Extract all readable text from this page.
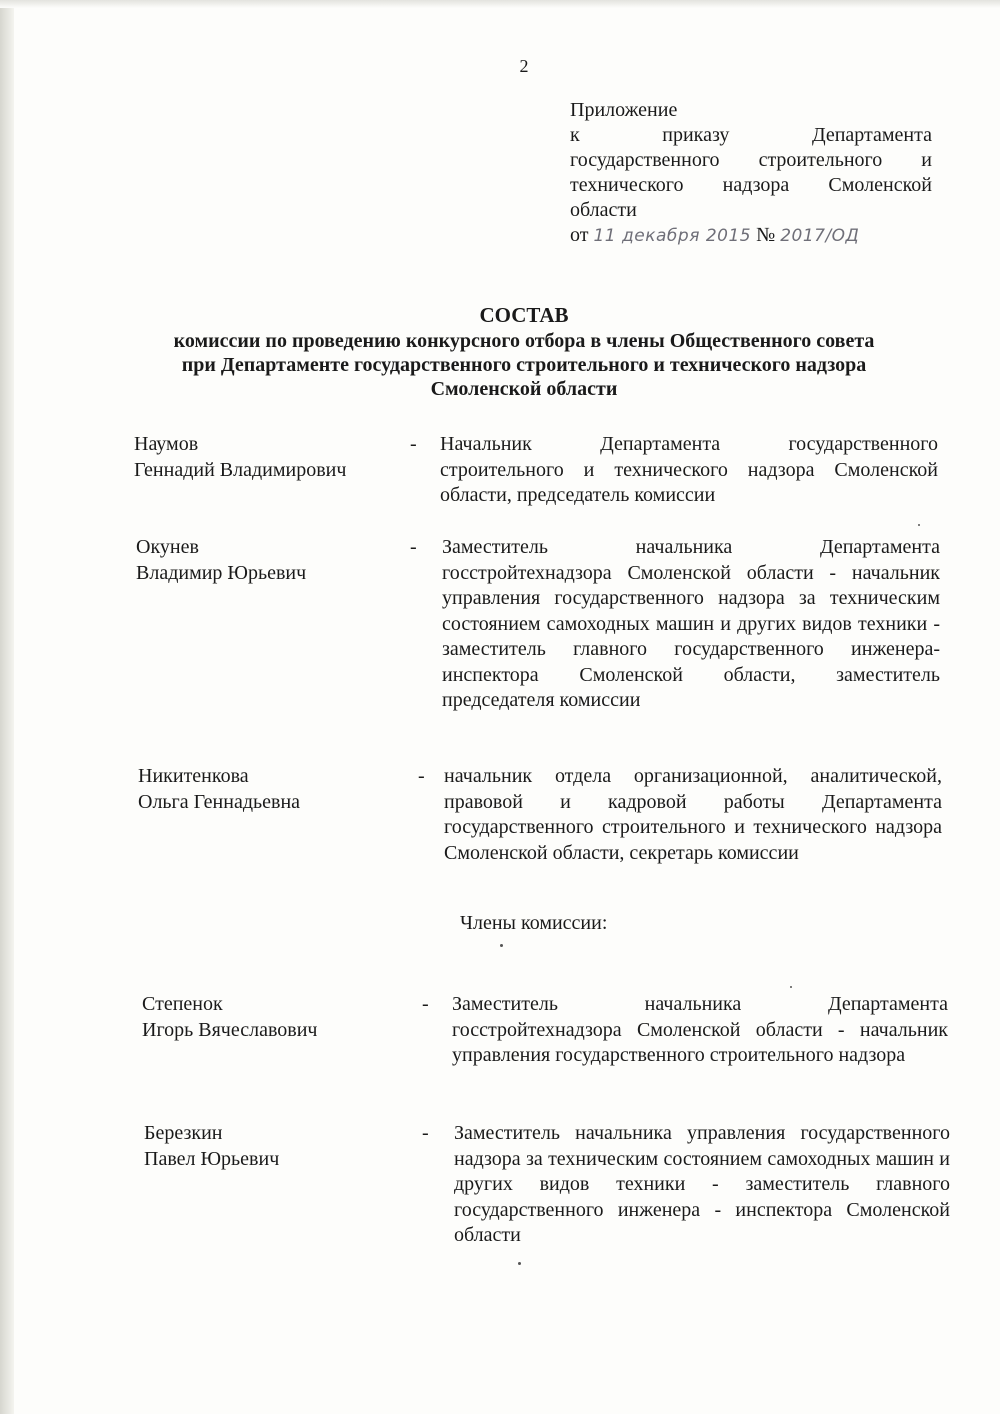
2
Приложение
к приказу Департамента
государственного строительного и
технического надзора Смоленской
области
от 11 декабря 2015 № 2017/ОД
СОСТАВ
комиссии по проведению конкурсного отбора в члены Общественного совета
при Департаменте государственного строительного и технического надзора
Смоленской области
Наумов
Геннадий Владимирович
- Начальник Департамента государственного строительного и технического надзора Смоленской области, председатель комиссии
Окунев
Владимир Юрьевич
- Заместитель начальника Департамента госстройтехнадзора Смоленской области - начальник управления государственного надзора за техническим состоянием самоходных машин и других видов техники - заместитель главного государственного инженера-инспектора Смоленской области, заместитель председателя комиссии
Никитенкова
Ольга Геннадьевна
- начальник отдела организационной, аналитической, правовой и кадровой работы Департамента государственного строительного и технического надзора Смоленской области, секретарь комиссии
Члены комиссии:
Степенок
Игорь Вячеславович
- Заместитель начальника Департамента госстройтехнадзора Смоленской области - начальник управления государственного строительного надзора
Березкин
Павел Юрьевич
- Заместитель начальника управления государственного надзора за техническим состоянием самоходных машин и других видов техники - заместитель главного государственного инженера - инспектора Смоленской области
